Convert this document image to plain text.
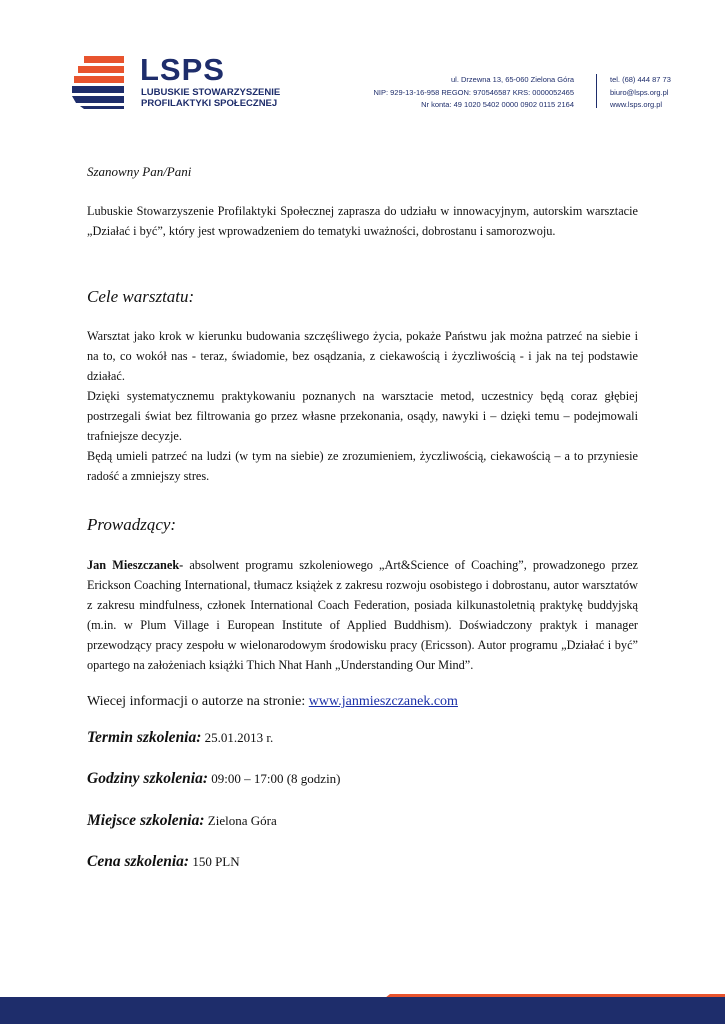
LSPS
LUBUSKIE STOWARZYSZENIE
PROFILAKTYKI SPOŁECZNEJ
ul. Drzewna 13, 65-060 Zielona Góra
NIP: 929-13-16-958 REGON: 970546587 KRS: 0000052465
Nr konta: 49 1020 5402 0000 0902 0115 2164
tel. (68) 444 87 73
biuro@lsps.org.pl
www.lsps.org.pl
Szanowny Pan/Pani

Lubuskie Stowarzyszenie Profilaktyki Społecznej zaprasza do udziału w innowacyjnym, autorskim warsztacie „Działać i być”, który jest wprowadzeniem do tematyki uważności, dobrostanu i samorozwoju.

Cele warsztatu:

Warsztat jako krok w kierunku budowania szczęśliwego życia, pokaże Państwu jak można patrzeć na siebie i na to, co wokół nas - teraz, świadomie, bez osądzania, z ciekawością i życzliwością - i jak na tej podstawie działać.

Dzięki systematycznemu praktykowaniu poznanych na warsztacie metod, uczestnicy będą coraz głębiej postrzegali świat bez filtrowania go przez własne przekonania, osądy, nawyki i – dzięki temu – podejmowali trafniejsze decyzje.

Będą umieli patrzeć na ludzi (w tym na siebie) ze zrozumieniem, życzliwością, ciekawością – a to przyniesie radość a zmniejszy stres.

Prowadzący:

Jan Mieszczanek- absolwent programu szkoleniowego „Art&Science of Coaching”, prowadzonego przez Erickson Coaching International, tłumacz książek z zakresu rozwoju osobistego i dobrostanu, autor warsztatów z zakresu mindfulness, członek International Coach Federation, posiada kilkunastoletnią praktykę buddyjską (m.in. w Plum Village i European Institute of Applied Buddhism). Doświadczony praktyk i manager przewodzący pracy zespołu w wielonarodowym środowisku pracy (Ericsson). Autor programu „Działać i być” opartego na założeniach książki Thich Nhat Hanh „Understanding Our Mind”.

Wiecej informacji o autorze na stronie: www.janmieszczanek.com
Termin szkolenia: 25.01.2013 r.
Godziny szkolenia: 09:00 – 17:00 (8 godzin)
Miejsce szkolenia: Zielona Góra
Cena szkolenia: 150 PLN
